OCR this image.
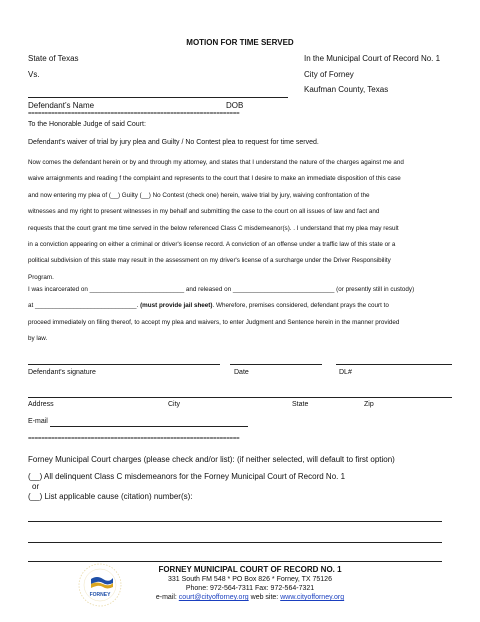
MOTION FOR TIME SERVED
State of Texas	In the Municipal Court of Record No. 1
Vs.	City of Forney
Kaufman County, Texas
Defendant’s Name	DOB
================================================================
To the Honorable Judge of said Court:
Defendant's waiver of trial by jury plea and Guilty / No Contest plea to request for time served.

Now comes the defendant herein or by and through my attorney, and states that I understand the nature of the charges against me and

waive arraignments and reading f the complaint and represents to the court that I desire to make an immediate disposition of this case

and now entering my plea of (__) Guilty (__) No Contest (check one) herein, waive trial by jury, waiving confrontation of the

witnesses and my right to present witnesses in my behalf and submitting the case to the court on all issues of law and fact and

requests that the court grant me time served in the below referenced Class C misdemeanor(s). . I understand that my plea may result

in a conviction appearing on either a criminal or driver's license record. A conviction of an offense under a traffic law of this state or a

political subdivision of this state may result in the assessment on my driver's license of a surcharge under the Driver Responsibility

Program.

I was incarcerated on ___________________________ and released on _____________________________ (or presently still in custody)

at _____________________________. (must provide jail sheet). Wherefore, premises considered, defendant prays the court to

proceed immediately on filing thereof, to accept my plea and waivers, to enter Judgment and Sentence herein in the manner provided

by law.

Defendant's signature	Date	DL#
Address	City	State	Zip
E-mail
================================================================
Forney Municipal Court charges (please check and/or list): (if neither selected, will default to first option)
(__) All delinquent Class C misdemeanors for the Forney Municipal Court of Record No. 1
or
(__) List applicable cause (citation) number(s):
FORNEY
FORNEY MUNICIPAL COURT OF RECORD NO. 1
331 South FM 548 * PO Box 826 * Forney, TX 75126
Phone: 972-564-7311 Fax: 972-564-7321
e-mail: court@cityofforney.org web site: www.cityofforney.org
